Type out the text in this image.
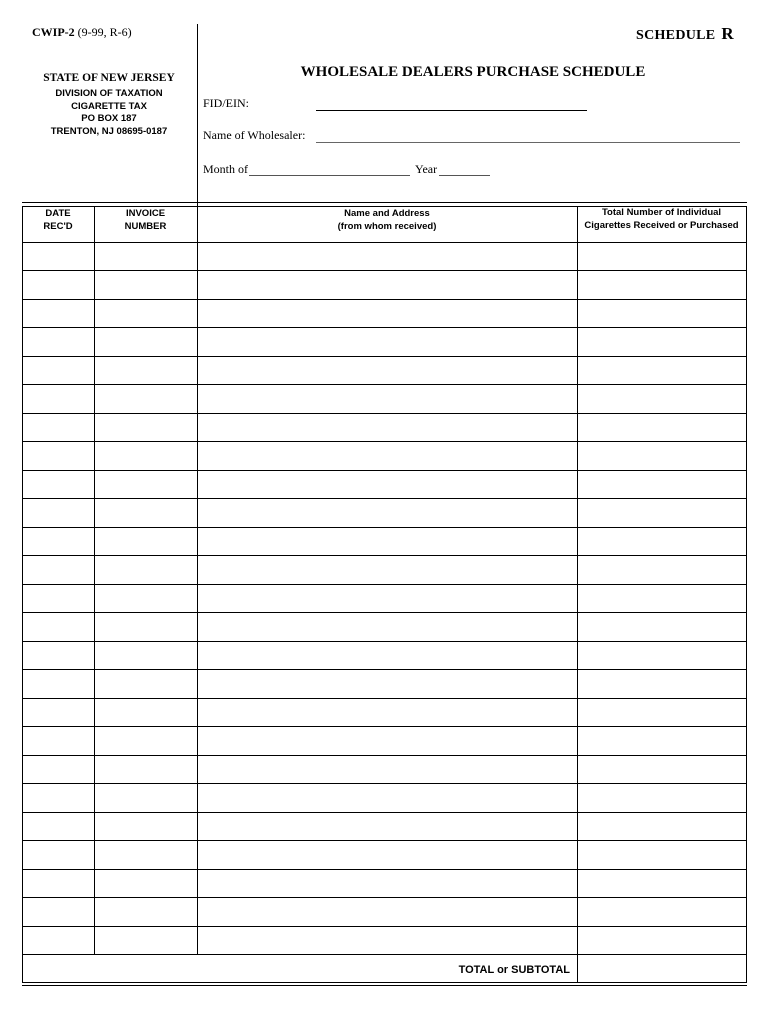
CWIP-2 (9-99, R-6)	SCHEDULE R
STATE OF NEW JERSEY
DIVISION OF TAXATION
CIGARETTE TAX
PO BOX 187
TRENTON, NJ 08695-0187
WHOLESALE DEALERS PURCHASE SCHEDULE
FID/EIN:
Name of Wholesaler:
Month of	Year
DATE
REC'D
INVOICE
NUMBER
Name and Address
(from whom received)
Total Number of Individual
Cigarettes Received or Purchased
TOTAL or SUBTOTAL
